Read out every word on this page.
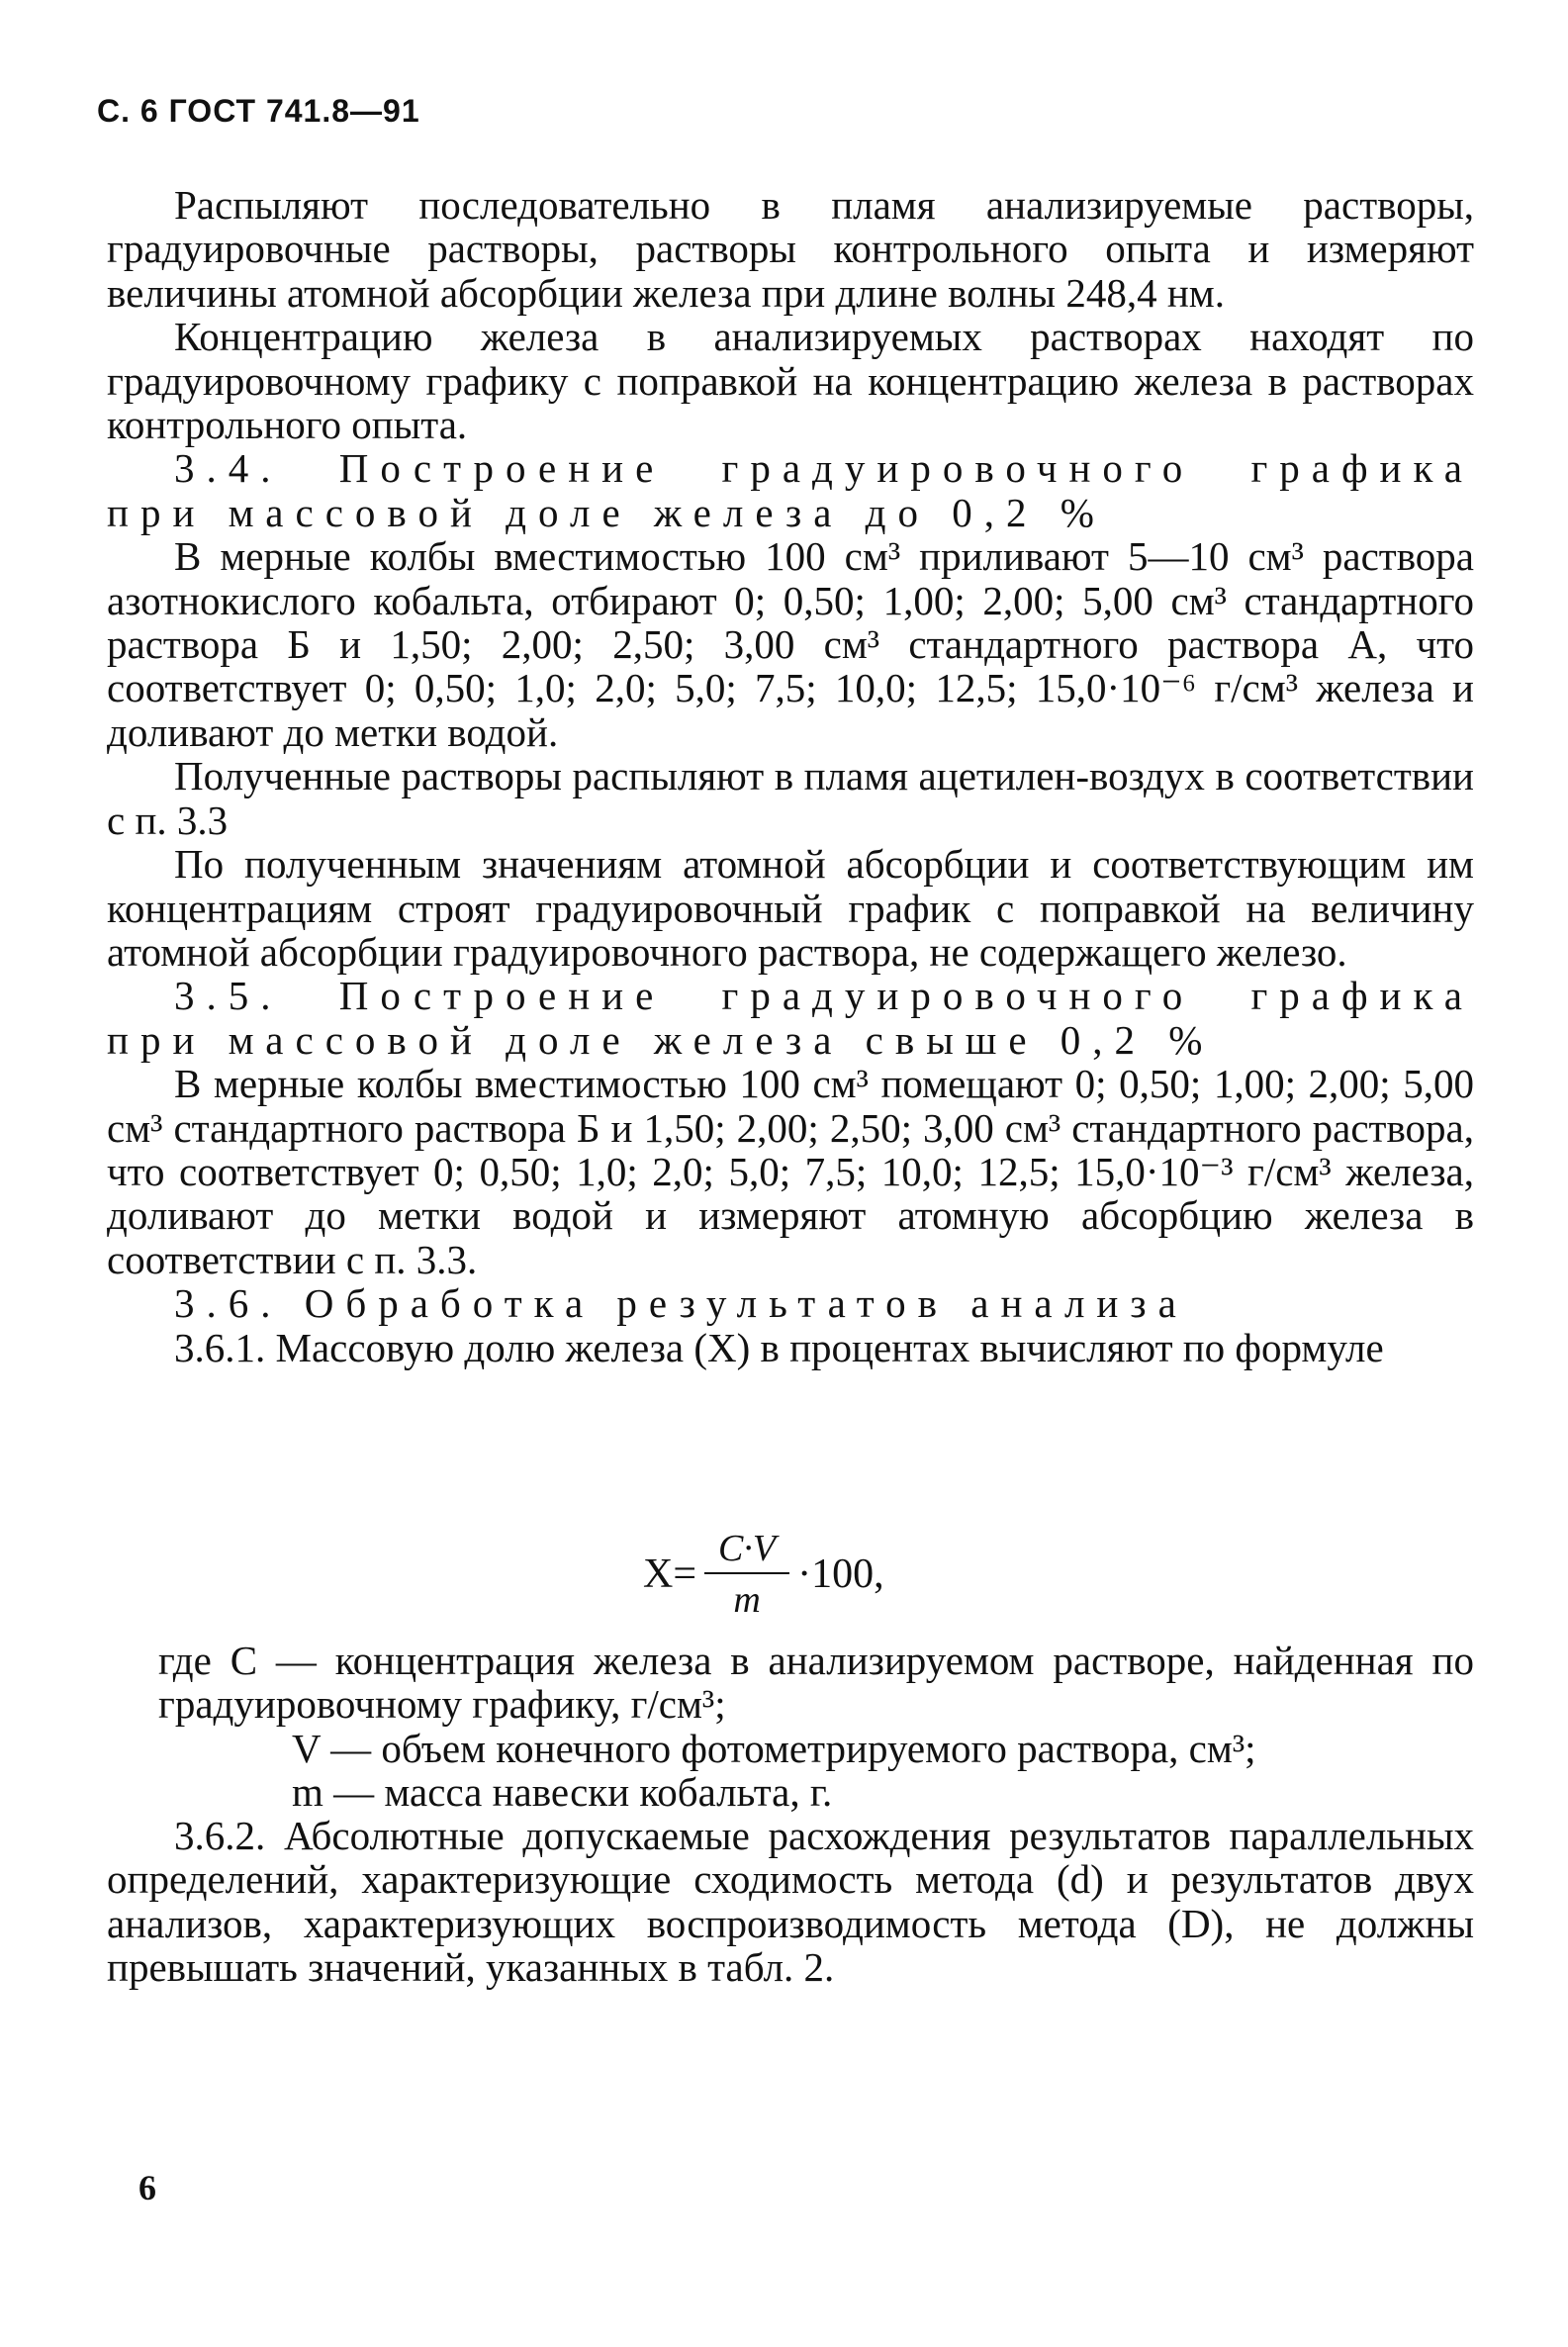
С. 6 ГОСТ 741.8—91

Распыляют последовательно в пламя анализируемые растворы, градуировочные растворы, растворы контрольного опыта и измеряют величины атомной абсорбции железа при длине волны 248,4 нм.

Концентрацию железа в анализируемых растворах находят по градуировочному графику с поправкой на концентрацию железа в растворах контрольного опыта.

3.4. Построение градуировочного графика при массовой доле железа до 0,2 %

В мерные колбы вместимостью 100 см³ приливают 5—10 см³ раствора азотнокислого кобальта, отбирают 0; 0,50; 1,00; 2,00; 5,00 см³ стандартного раствора Б и 1,50; 2,00; 2,50; 3,00 см³ стандартного раствора А, что соответствует 0; 0,50; 1,0; 2,0; 5,0; 7,5; 10,0; 12,5; 15,0·10⁻⁶ г/см³ железа и доливают до метки водой.

Полученные растворы распыляют в пламя ацетилен-воздух в соответствии с п. 3.3

По полученным значениям атомной абсорбции и соответствующим им концентрациям строят градуировочный график с поправкой на величину атомной абсорбции градуировочного раствора, не содержащего железо.

3.5. Построение градуировочного графика при массовой доле железа свыше 0,2 %

В мерные колбы вместимостью 100 см³ помещают 0; 0,50; 1,00; 2,00; 5,00 см³ стандартного раствора Б и 1,50; 2,00; 2,50; 3,00 см³ стандартного раствора, что соответствует 0; 0,50; 1,0; 2,0; 5,0; 7,5; 10,0; 12,5; 15,0·10⁻³ г/см³ железа, доливают до метки водой и измеряют атомную абсорбцию железа в соответствии с п. 3.3.

3.6. Обработка результатов анализа

3.6.1. Массовую долю железа (X) в процентах вычисляют по формуле

$X= \frac{C\cdot V}{m} \cdot 100$,
где C — концентрация железа в анализируемом растворе, найденная по градуировочному графику, г/см³;
V — объем конечного фотометрируемого раствора, см³;
m — масса навески кобальта, г.

3.6.2. Абсолютные допускаемые расхождения результатов параллельных определений, характеризующие сходимость метода (d) и результатов двух анализов, характеризующих воспроизводимость метода (D), не должны превышать значений, указанных в табл. 2.

6
